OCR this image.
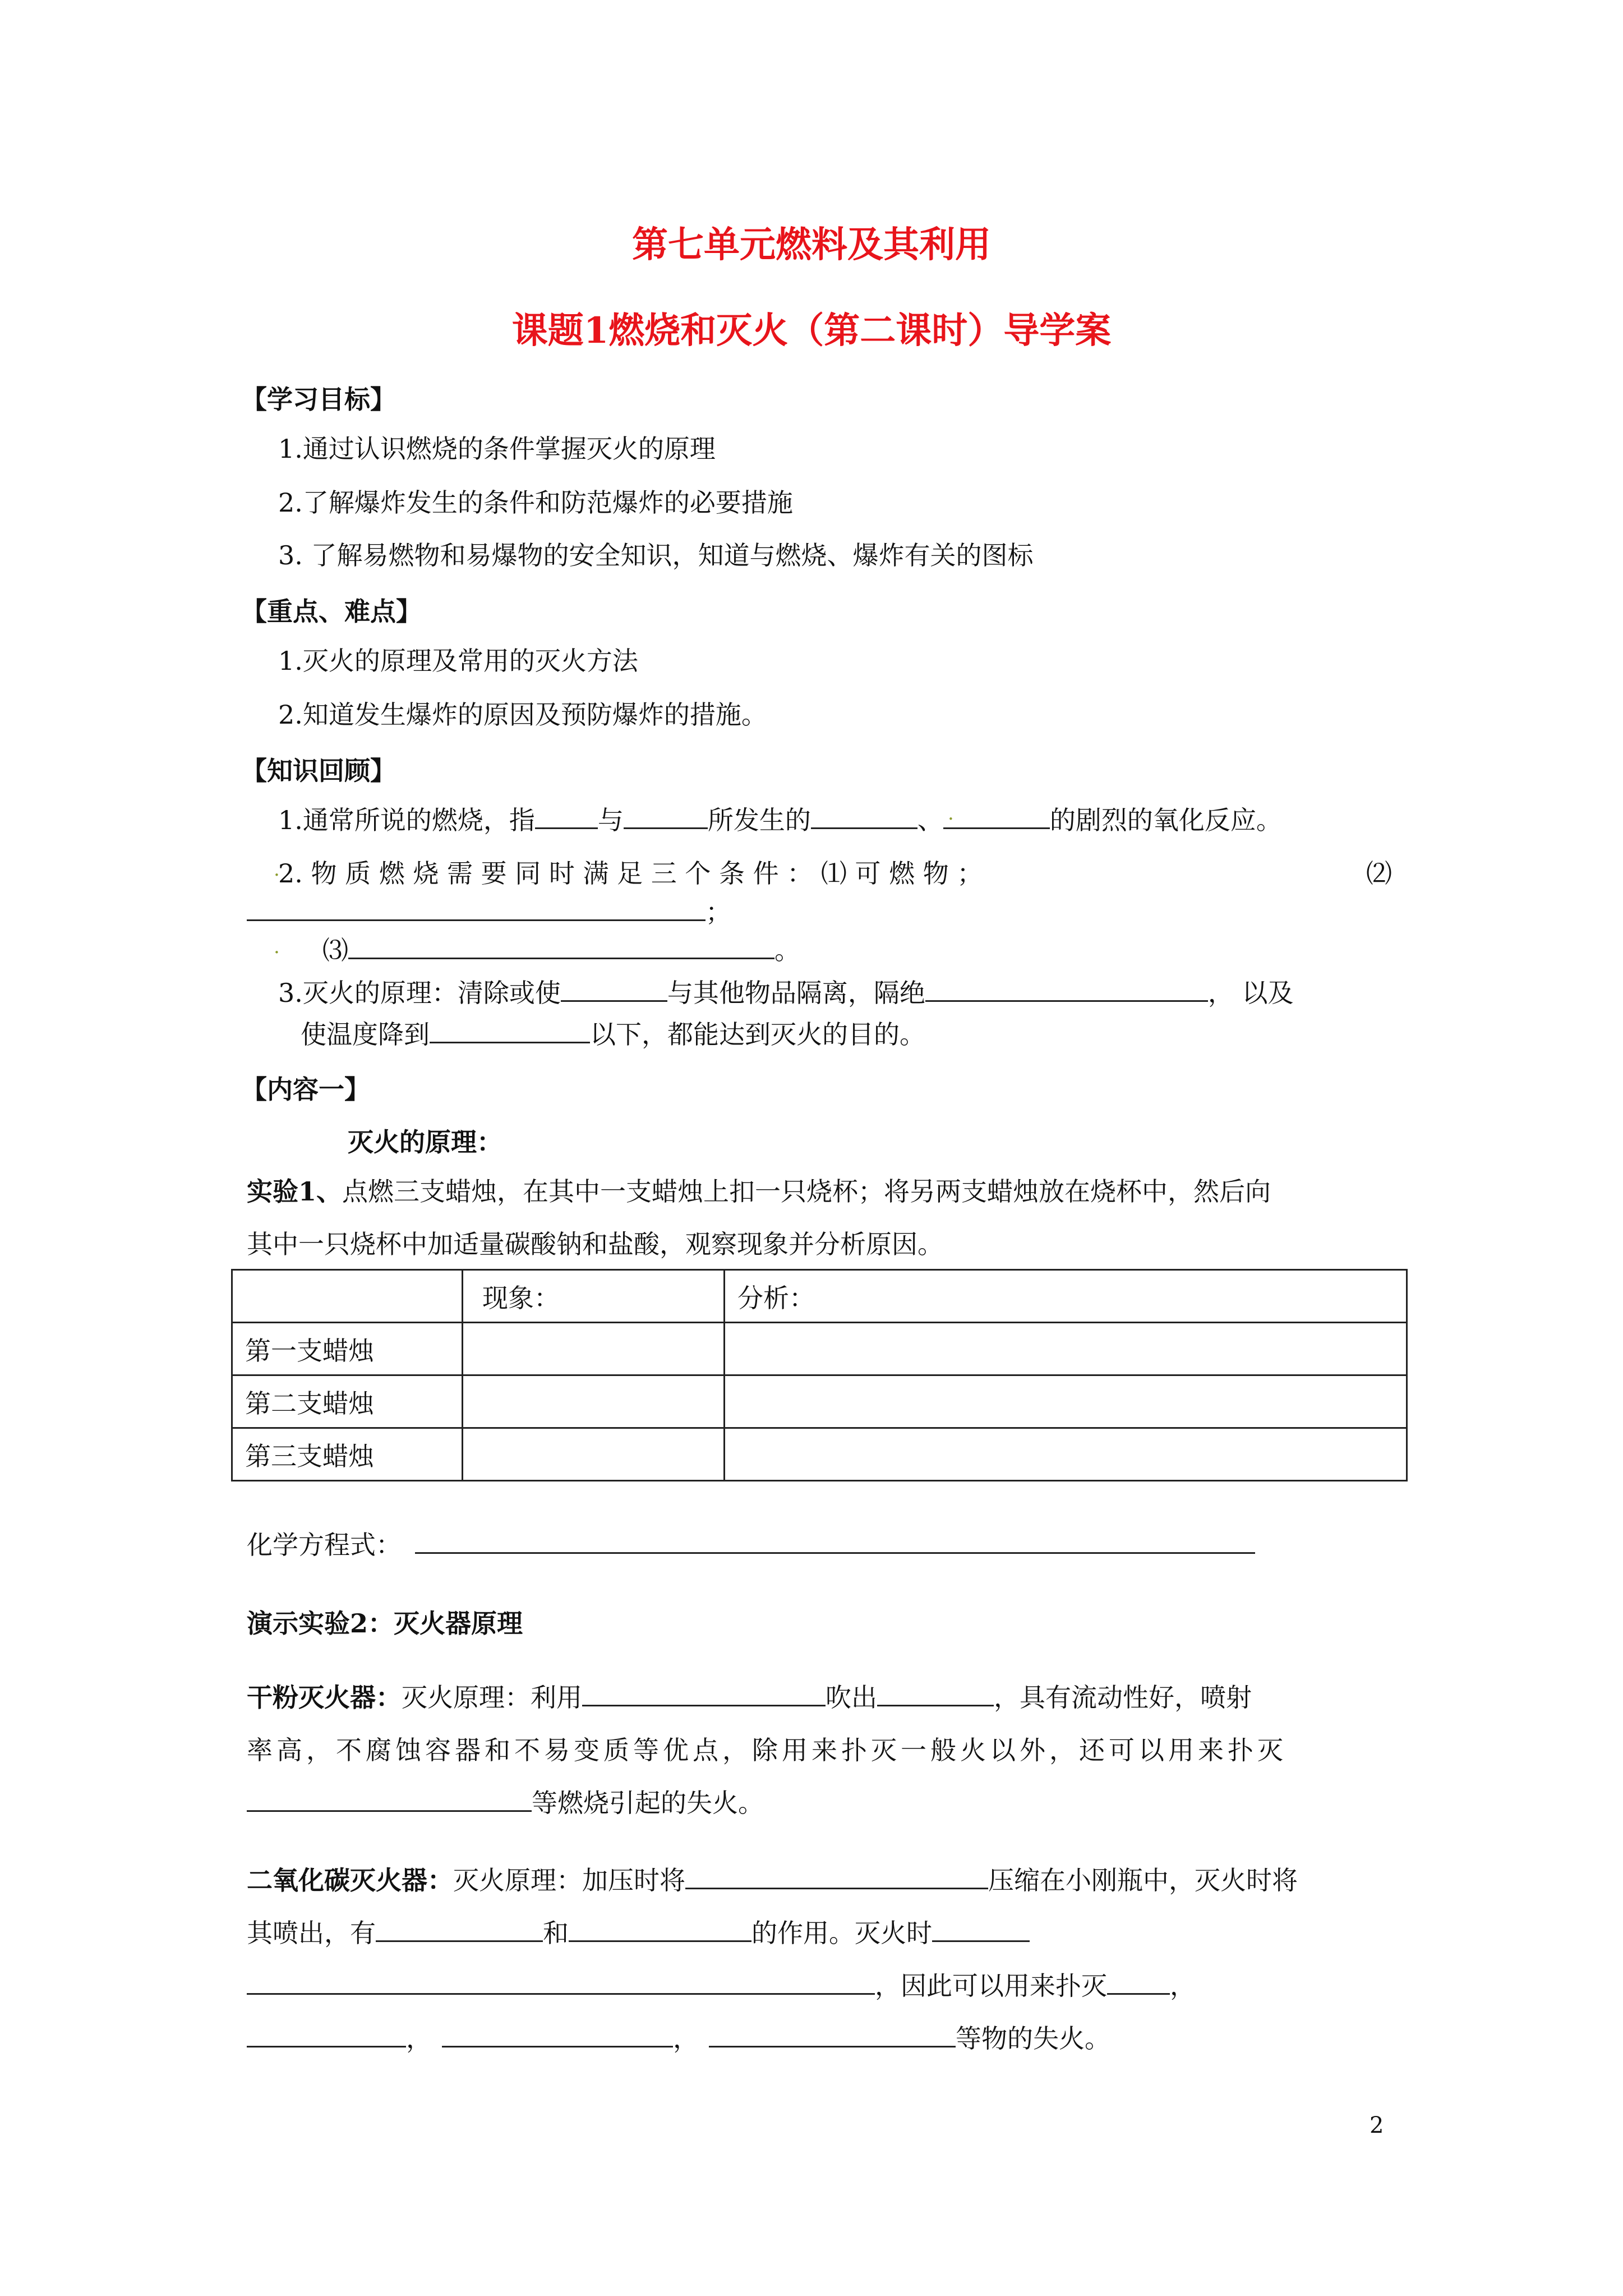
第七单元燃料及其利用
课题1燃烧和灭火（第二课时）导学案
【学习目标】
1.通过认识燃烧的条件掌握灭火的原理
2.了解爆炸发生的条件和防范爆炸的必要措施
3. 了解易燃物和易爆物的安全知识，知道与燃烧、爆炸有关的图标
【重点、难点】
1.灭火的原理及常用的灭火方法
2.知道发生爆炸的原因及预防爆炸的措施。
【知识回顾】
1.通常所说的燃烧，指 与	所发生的	、	的剧烈的氧化反应。
.
2. 物 质 燃 烧 需 要 同 时 满 足 三 个 条 件 ： ⑴ 可 燃 物 ；	⑵
.
；
. ⑶	。
3.灭火的原理：清除或使	与其他物品隔离，隔绝	， 以及
使温度降到	以下，都能达到灭火的目的。
【内容一】
灭火的原理：
实验1、点燃三支蜡烛，在其中一支蜡烛上扣一只烧杯；将另两支蜡烛放在烧杯中，然后向
其中一只烧杯中加适量碳酸钠和盐酸，观察现象并分析原因。
	现象：	分析：
第一支蜡烛		
第二支蜡烛		
第三支蜡烛		
化学方程式：
演示实验2：灭火器原理
干粉灭火器：灭火原理：利用	吹出	，具有流动性好，喷射
率高，不腐蚀容器和不易变质等优点，除用来扑灭一般火以外，还可以用来扑灭
等燃烧引起的失火。
二氧化碳灭火器：灭火原理：加压时将	压缩在小刚瓶中，灭火时将
其喷出，有	和	的作用。灭火时
，因此可以用来扑灭 ，
，	，	等物的失火。
2
